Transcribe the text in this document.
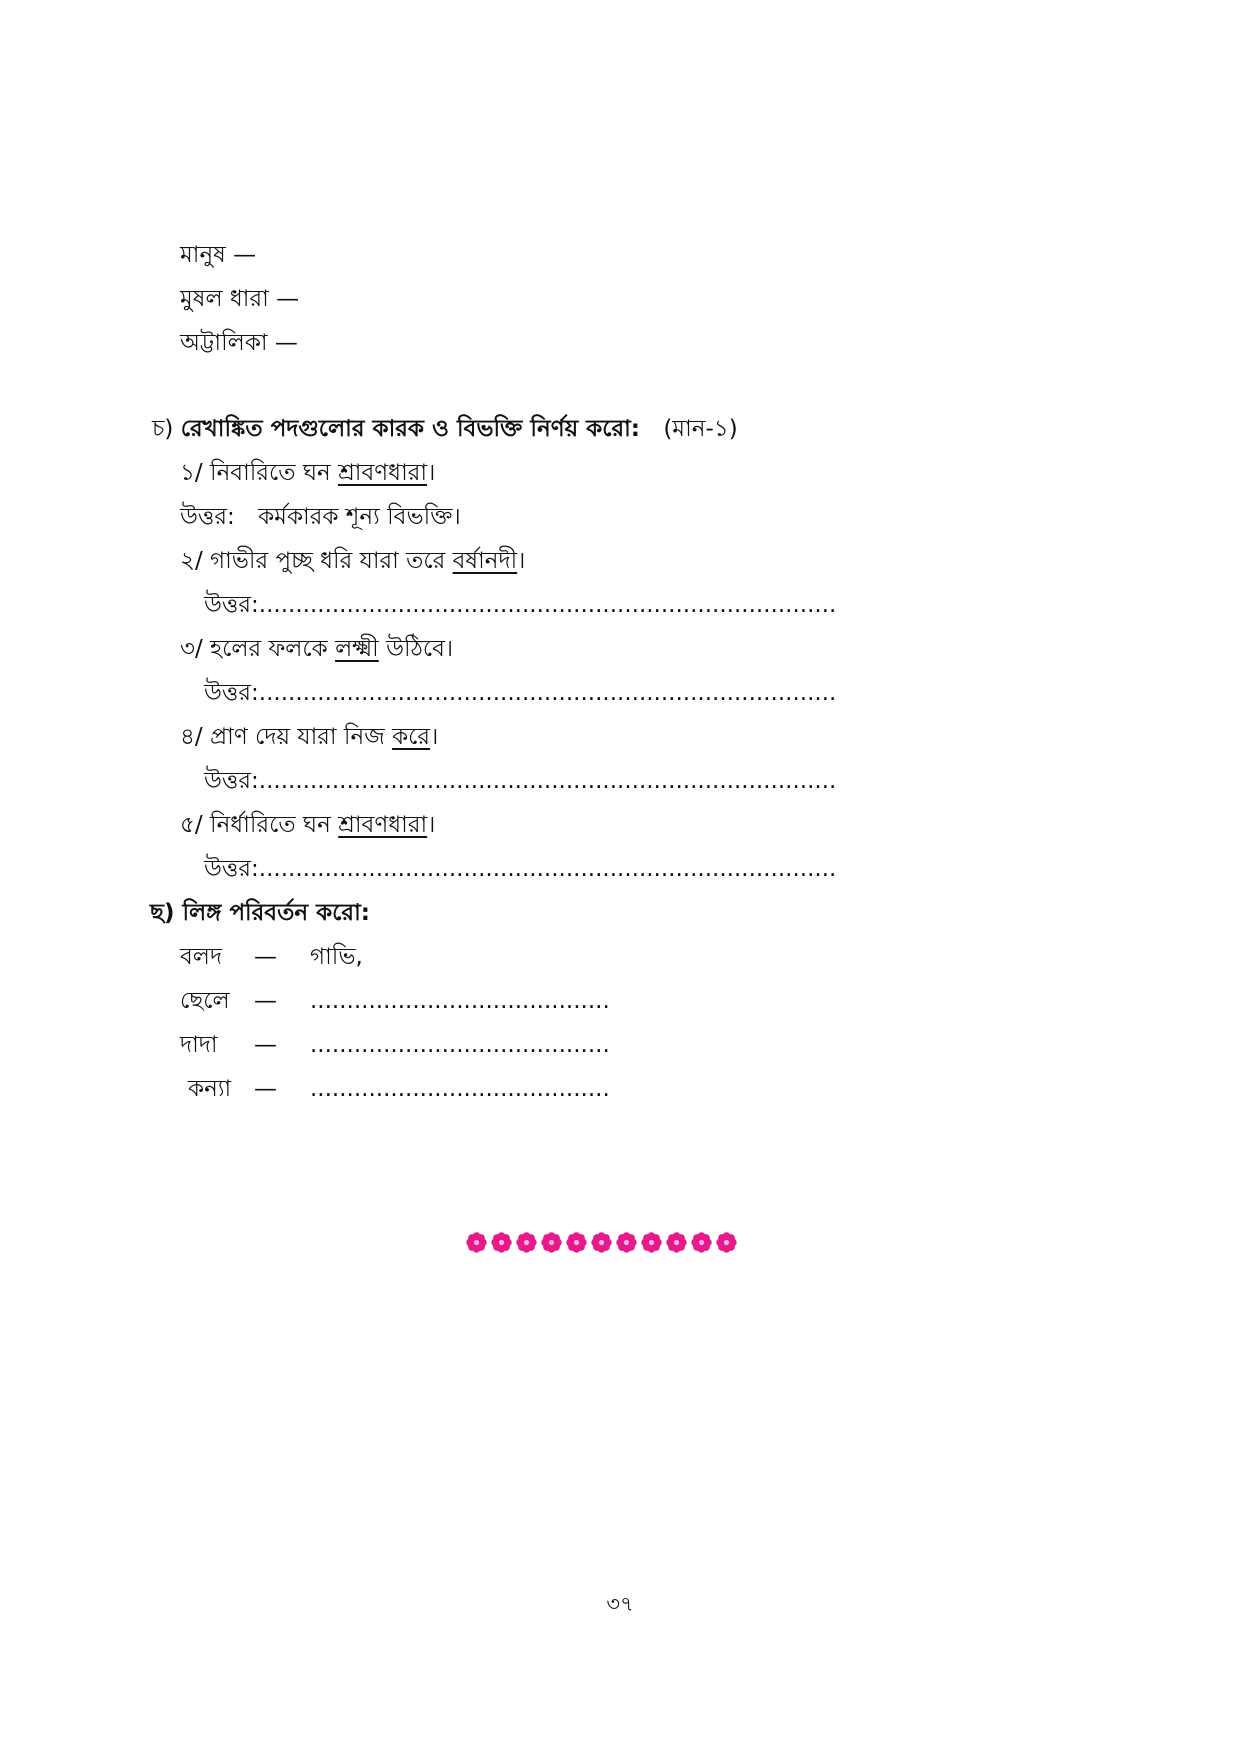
মানুষ —
মুষল ধারা —
অট্টালিকা —
চ) রেখাঙ্কিত পদগুলোর কারক ও বিভক্তি নির্ণয় করো: (মান-১)
১/ নিবারিতে ঘন শ্রাবণধারা।
উত্তর: কর্মকারক শূন্য বিভক্তি।
২/ গাভীর পুচ্ছ ধরি যারা তরে বর্ষানদী।
উত্তর:...............................................................................
৩/ হলের ফলকে লক্ষ্মী উঠিবে।
উত্তর:...............................................................................
৪/ প্রাণ দেয় যারা নিজ করে।
উত্তর:...............................................................................
৫/ নির্ধারিতে ঘন শ্রাবণধারা।
উত্তর:...............................................................................
ছ) লিঙ্গ পরিবর্তন করো:
বলদ — গাভি,
ছেলে — .........................................
দাদা — .........................................
কন্যা — .........................................
৩৭
